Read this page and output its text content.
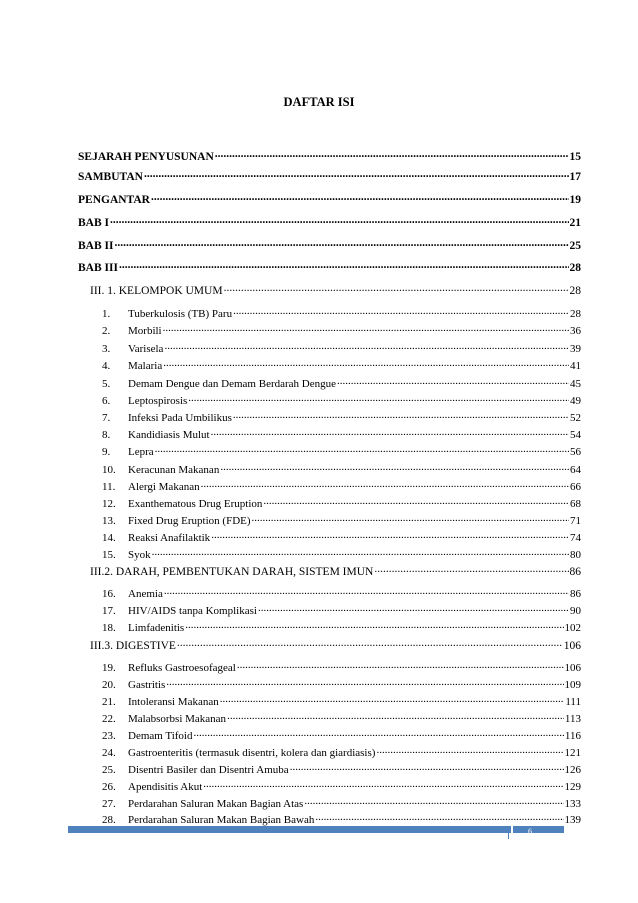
DAFTAR ISI
SEJARAH PENYUSUNAN .....	15
SAMBUTAN .....	17
PENGANTAR .....	19
BAB I .....	21
BAB II .....	25
BAB III .....	28
III. 1. KELOMPOK UMUM .....	28
1.	Tuberkulosis (TB) Paru .....	28
2.	Morbili .....	36
3.	Varisela .....	39
4.	Malaria .....	41
5.	Demam Dengue dan Demam Berdarah Dengue .....	45
6.	Leptospirosis .....	49
7.	Infeksi Pada Umbilikus .....	52
8.	Kandidiasis Mulut .....	54
9.	Lepra .....	56
10.	Keracunan Makanan .....	64
11.	Alergi Makanan .....	66
12.	Exanthematous Drug Eruption .....	68
13.	Fixed Drug Eruption (FDE) .....	71
14.	Reaksi Anafilaktik .....	74
15.	Syok .....	80
III.2. DARAH, PEMBENTUKAN DARAH, SISTEM IMUN .....	86
16.	Anemia .....	86
17.	HIV/AIDS tanpa Komplikasi .....	90
18.	Limfadenitis .....	102
III.3. DIGESTIVE .....	106
19.	Refluks Gastroesofageal .....	106
20.	Gastritis .....	109
21.	Intoleransi Makanan .....	111
22.	Malabsorbsi Makanan .....	113
23.	Demam Tifoid .....	116
24.	Gastroenteritis (termasuk disentri, kolera dan giardiasis) .....	121
25.	Disentri Basiler dan Disentri Amuba .....	126
26.	Apendisitis Akut .....	129
27.	Perdarahan Saluran Makan Bagian Atas .....	133
28.	Perdarahan Saluran Makan Bagian Bawah .....	139
6
